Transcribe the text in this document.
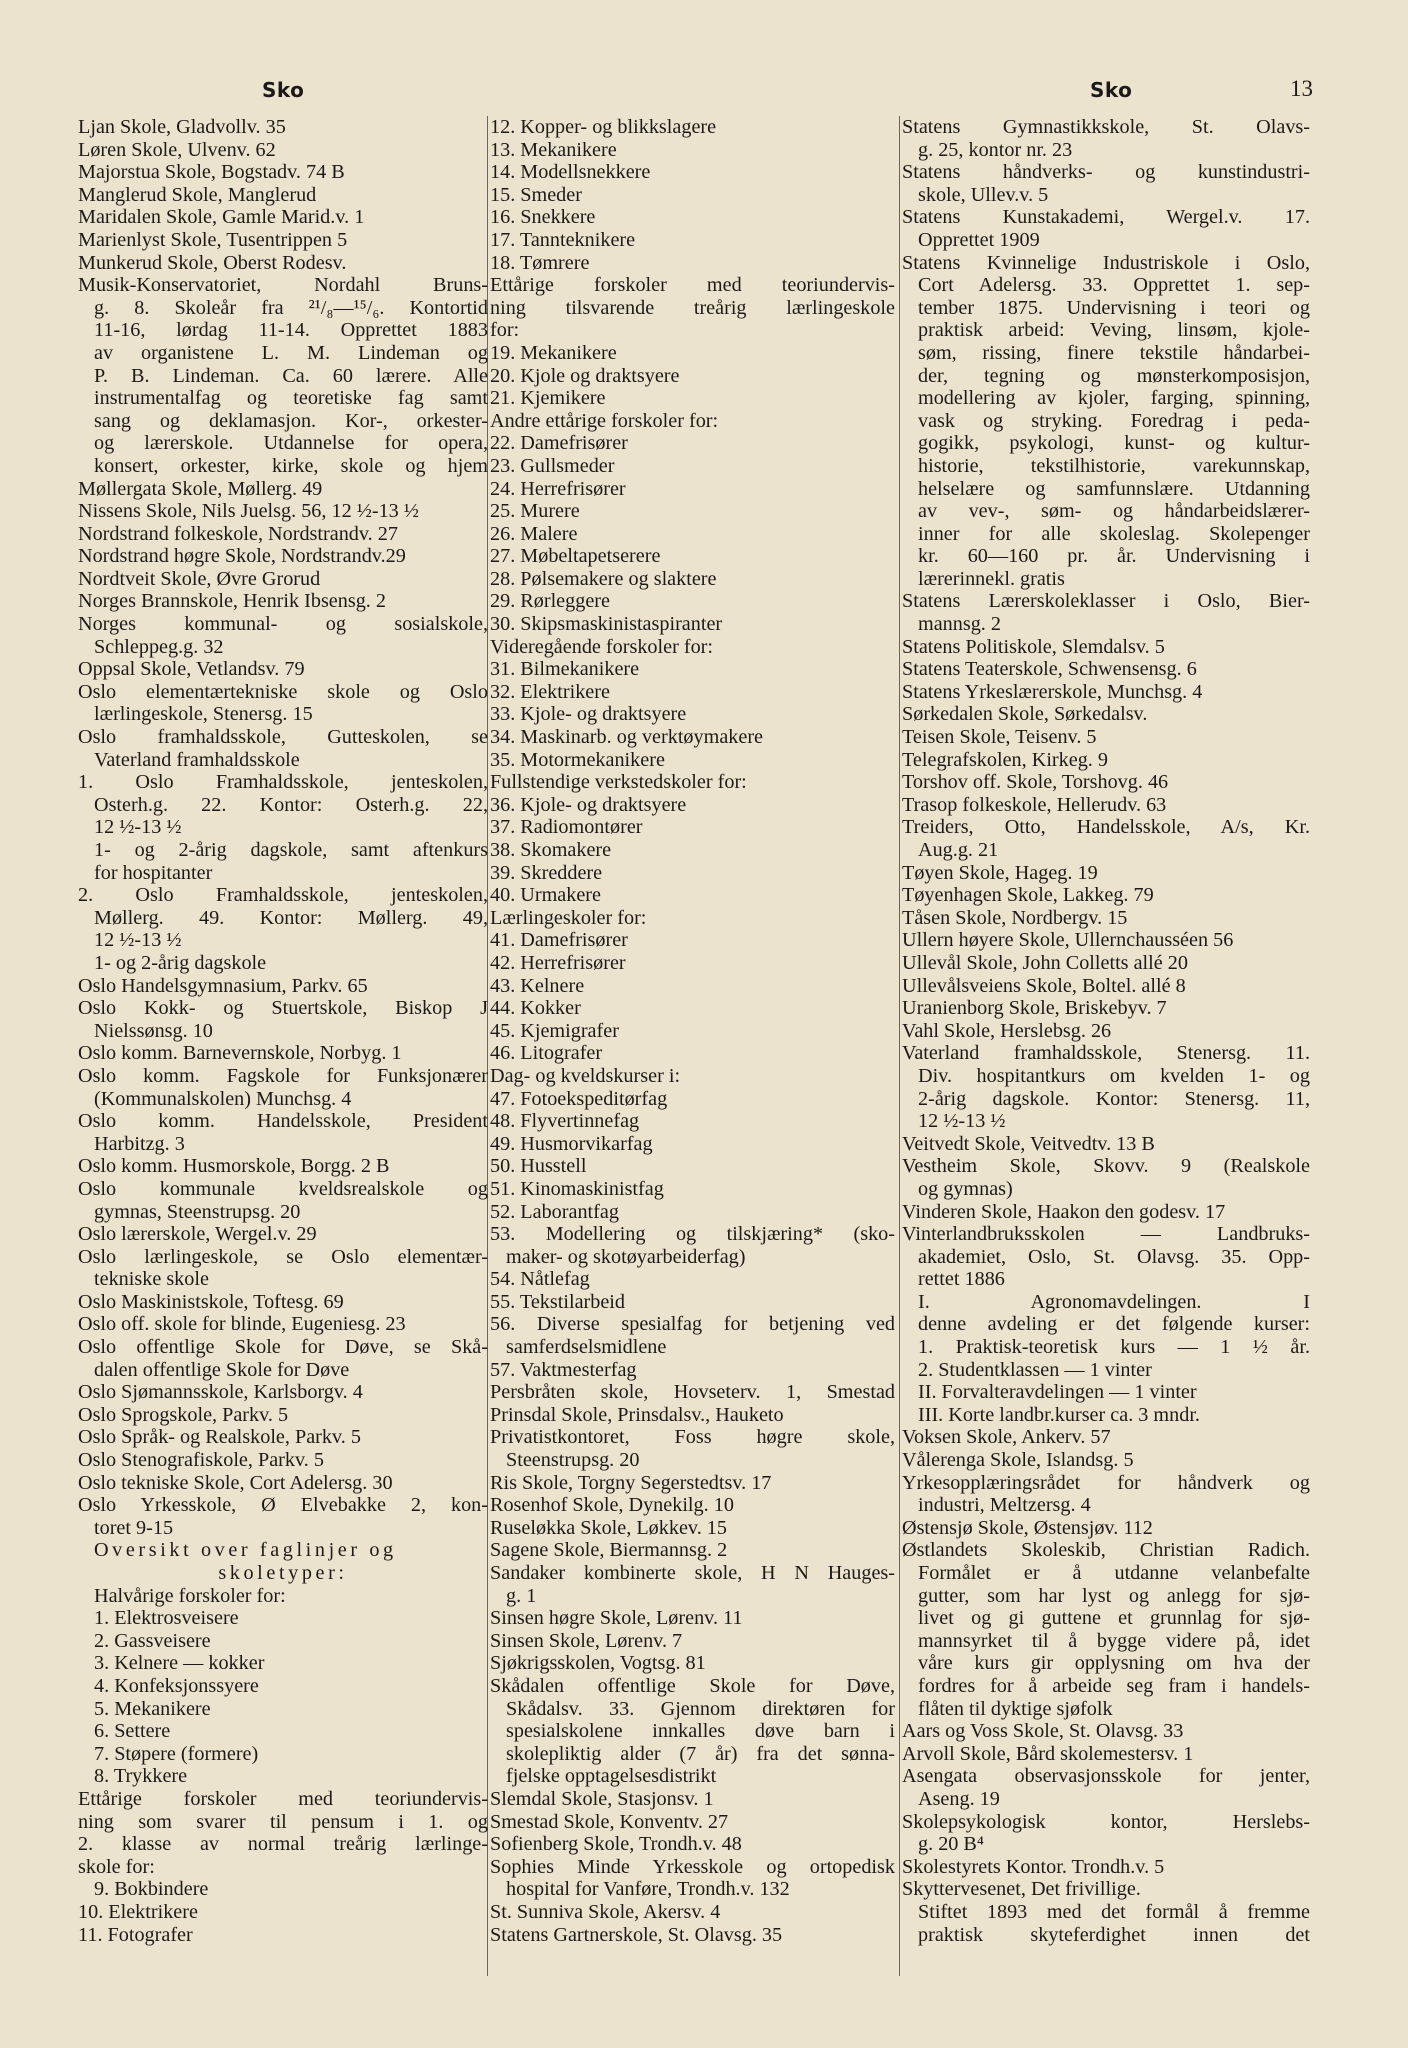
Sko	Sko	13
Ljan Skole, Gladvollv. 35
Løren Skole, Ulvenv. 62
Majorstua Skole, Bogstadv. 74 B
Manglerud Skole, Manglerud
Maridalen Skole, Gamle Marid.v. 1
Marienlyst Skole, Tusentrippen 5
Munkerud Skole, Oberst Rodesv.
Musik-Konservatoriet, Nordahl Bruns-
g. 8. Skoleår fra ²¹/₈—¹⁵/₆. Kontortid
11-16, lørdag 11-14. Opprettet 1883
av organistene L. M. Lindeman og
P. B. Lindeman. Ca. 60 lærere. Alle
instrumentalfag og teoretiske fag samt
sang og deklamasjon. Kor-, orkester-
og lærerskole. Utdannelse for opera,
konsert, orkester, kirke, skole og hjem
Møllergata Skole, Møllerg. 49
Nissens Skole, Nils Juelsg. 56, 12 ½-13 ½
Nordstrand folkeskole, Nordstrandv. 27
Nordstrand høgre Skole, Nordstrandv.29
Nordtveit Skole, Øvre Grorud
Norges Brannskole, Henrik Ibsensg. 2
Norges kommunal- og sosialskole,
Schleppeg.g. 32
Oppsal Skole, Vetlandsv. 79
Oslo elementærtekniske skole og Oslo
lærlingeskole, Stenersg. 15
Oslo framhaldsskole, Gutteskolen, se
Vaterland framhaldsskole
1. Oslo Framhaldsskole, jenteskolen,
Osterh.g. 22. Kontor: Osterh.g. 22,
12 ½-13 ½
1- og 2-årig dagskole, samt aftenkurs
for hospitanter
2. Oslo Framhaldsskole, jenteskolen,
Møllerg. 49. Kontor: Møllerg. 49,
12 ½-13 ½
1- og 2-årig dagskole
Oslo Handelsgymnasium, Parkv. 65
Oslo Kokk- og Stuertskole, Biskop J
Nielssønsg. 10
Oslo komm. Barnevernskole, Norbyg. 1
Oslo komm. Fagskole for Funksjonærer
(Kommunalskolen) Munchsg. 4
Oslo komm. Handelsskole, President
Harbitzg. 3
Oslo komm. Husmorskole, Borgg. 2 B
Oslo kommunale kveldsrealskole og
gymnas, Steenstrupsg. 20
Oslo lærerskole, Wergel.v. 29
Oslo lærlingeskole, se Oslo elementær-
tekniske skole
Oslo Maskinistskole, Toftesg. 69
Oslo off. skole for blinde, Eugeniesg. 23
Oslo offentlige Skole for Døve, se Skå-
dalen offentlige Skole for Døve
Oslo Sjømannsskole, Karlsborgv. 4
Oslo Sprogskole, Parkv. 5
Oslo Språk- og Realskole, Parkv. 5
Oslo Stenografiskole, Parkv. 5
Oslo tekniske Skole, Cort Adelersg. 30
Oslo Yrkesskole, Ø Elvebakke 2, kon-
toret 9-15
Oversikt over faglinjer og
skoletyper:
Halvårige forskoler for:
1. Elektrosveisere
2. Gassveisere
3. Kelnere — kokker
4. Konfeksjonssyere
5. Mekanikere
6. Settere
7. Støpere (formere)
8. Trykkere
Ettårige forskoler med teoriundervis-
ning som svarer til pensum i 1. og
2. klasse av normal treårig lærlinge-
skole for:
9. Bokbindere
10. Elektrikere
11. Fotografer
12. Kopper- og blikkslagere
13. Mekanikere
14. Modellsnekkere
15. Smeder
16. Snekkere
17. Tannteknikere
18. Tømrere
Ettårige forskoler med teoriundervis-
ning tilsvarende treårig lærlingeskole
for:
19. Mekanikere
20. Kjole og draktsyere
21. Kjemikere
Andre ettårige forskoler for:
22. Damefrisører
23. Gullsmeder
24. Herrefrisører
25. Murere
26. Malere
27. Møbeltapetserere
28. Pølsemakere og slaktere
29. Rørleggere
30. Skipsmaskinistaspiranter
Videregående forskoler for:
31. Bilmekanikere
32. Elektrikere
33. Kjole- og draktsyere
34. Maskinarb. og verktøymakere
35. Motormekanikere
Fullstendige verkstedskoler for:
36. Kjole- og draktsyere
37. Radiomontører
38. Skomakere
39. Skreddere
40. Urmakere
Lærlingeskoler for:
41. Damefrisører
42. Herrefrisører
43. Kelnere
44. Kokker
45. Kjemigrafer
46. Litografer
Dag- og kveldskurser i:
47. Fotoekspeditørfag
48. Flyvertinnefag
49. Husmorvikarfag
50. Husstell
51. Kinomaskinistfag
52. Laborantfag
53. Modellering og tilskjæring* (sko-
maker- og skotøyarbeiderfag)
54. Nåtlefag
55. Tekstilarbeid
56. Diverse spesialfag for betjening ved
samferdselsmidlene
57. Vaktmesterfag
Persbråten skole, Hovseterv. 1, Smestad
Prinsdal Skole, Prinsdalsv., Hauketo
Privatistkontoret, Foss høgre skole,
Steenstrupsg. 20
Ris Skole, Torgny Segerstedtsv. 17
Rosenhof Skole, Dynekilg. 10
Ruseløkka Skole, Løkkev. 15
Sagene Skole, Biermannsg. 2
Sandaker kombinerte skole, H N Hauges-
g. 1
Sinsen høgre Skole, Lørenv. 11
Sinsen Skole, Lørenv. 7
Sjøkrigsskolen, Vogtsg. 81
Skådalen offentlige Skole for Døve,
Skådalsv. 33. Gjennom direktøren for
spesialskolene innkalles døve barn i
skolepliktig alder (7 år) fra det sønna-
fjelske opptagelsesdistrikt
Slemdal Skole, Stasjonsv. 1
Smestad Skole, Konventv. 27
Sofienberg Skole, Trondh.v. 48
Sophies Minde Yrkesskole og ortopedisk
hospital for Vanføre, Trondh.v. 132
St. Sunniva Skole, Akersv. 4
Statens Gartnerskole, St. Olavsg. 35
Statens Gymnastikkskole, St. Olavs-
g. 25, kontor nr. 23
Statens håndverks- og kunstindustri-
skole, Ullev.v. 5
Statens Kunstakademi, Wergel.v. 17.
Opprettet 1909
Statens Kvinnelige Industriskole i Oslo,
Cort Adelersg. 33. Opprettet 1. sep-
tember 1875. Undervisning i teori og
praktisk arbeid: Veving, linsøm, kjole-
søm, rissing, finere tekstile håndarbei-
der, tegning og mønsterkomposisjon,
modellering av kjoler, farging, spinning,
vask og stryking. Foredrag i peda-
gogikk, psykologi, kunst- og kultur-
historie, tekstilhistorie, varekunnskap,
helselære og samfunnslære. Utdanning
av vev-, søm- og håndarbeidslærer-
inner for alle skoleslag. Skolepenger
kr. 60—160 pr. år. Undervisning i
lærerinnekl. gratis
Statens Lærerskoleklasser i Oslo, Bier-
mannsg. 2
Statens Politiskole, Slemdalsv. 5
Statens Teaterskole, Schwensensg. 6
Statens Yrkeslærerskole, Munchsg. 4
Sørkedalen Skole, Sørkedalsv.
Teisen Skole, Teisenv. 5
Telegrafskolen, Kirkeg. 9
Torshov off. Skole, Torshovg. 46
Trasop folkeskole, Hellerudv. 63
Treiders, Otto, Handelsskole, A/s, Kr.
Aug.g. 21
Tøyen Skole, Hageg. 19
Tøyenhagen Skole, Lakkeg. 79
Tåsen Skole, Nordbergv. 15
Ullern høyere Skole, Ullernchausséen 56
Ullevål Skole, John Colletts allé 20
Ullevålsveiens Skole, Boltel. allé 8
Uranienborg Skole, Briskebyv. 7
Vahl Skole, Herslebsg. 26
Vaterland framhaldsskole, Stenersg. 11.
Div. hospitantkurs om kvelden 1- og
2-årig dagskole. Kontor: Stenersg. 11,
12 ½-13 ½
Veitvedt Skole, Veitvedtv. 13 B
Vestheim Skole, Skovv. 9 (Realskole
og gymnas)
Vinderen Skole, Haakon den godesv. 17
Vinterlandbruksskolen — Landbruks-
akademiet, Oslo, St. Olavsg. 35. Opp-
rettet 1886
I. Agronomavdelingen. I
denne avdeling er det følgende kurser:
1. Praktisk-teoretisk kurs — 1 ½ år.
2. Studentklassen — 1 vinter
II. Forvalteravdelingen — 1 vinter
III. Korte landbr.kurser ca. 3 mndr.
Voksen Skole, Ankerv. 57
Vålerenga Skole, Islandsg. 5
Yrkesopplæringsrådet for håndverk og
industri, Meltzersg. 4
Østensjø Skole, Østensjøv. 112
Østlandets Skoleskib, Christian Radich.
Formålet er å utdanne velanbefalte
gutter, som har lyst og anlegg for sjø-
livet og gi guttene et grunnlag for sjø-
mannsyrket til å bygge videre på, idet
våre kurs gir opplysning om hva der
fordres for å arbeide seg fram i handels-
flåten til dyktige sjøfolk
Aars og Voss Skole, St. Olavsg. 33
Arvoll Skole, Bård skolemestersv. 1
Asengata observasjonsskole for jenter,
Aseng. 19
Skolepsykologisk kontor, Herslebs-
g. 20 B⁴
Skolestyrets Kontor. Trondh.v. 5
Skyttervesenet, Det frivillige.
Stiftet 1893 med det formål å fremme
praktisk skyteferdighet innen det
